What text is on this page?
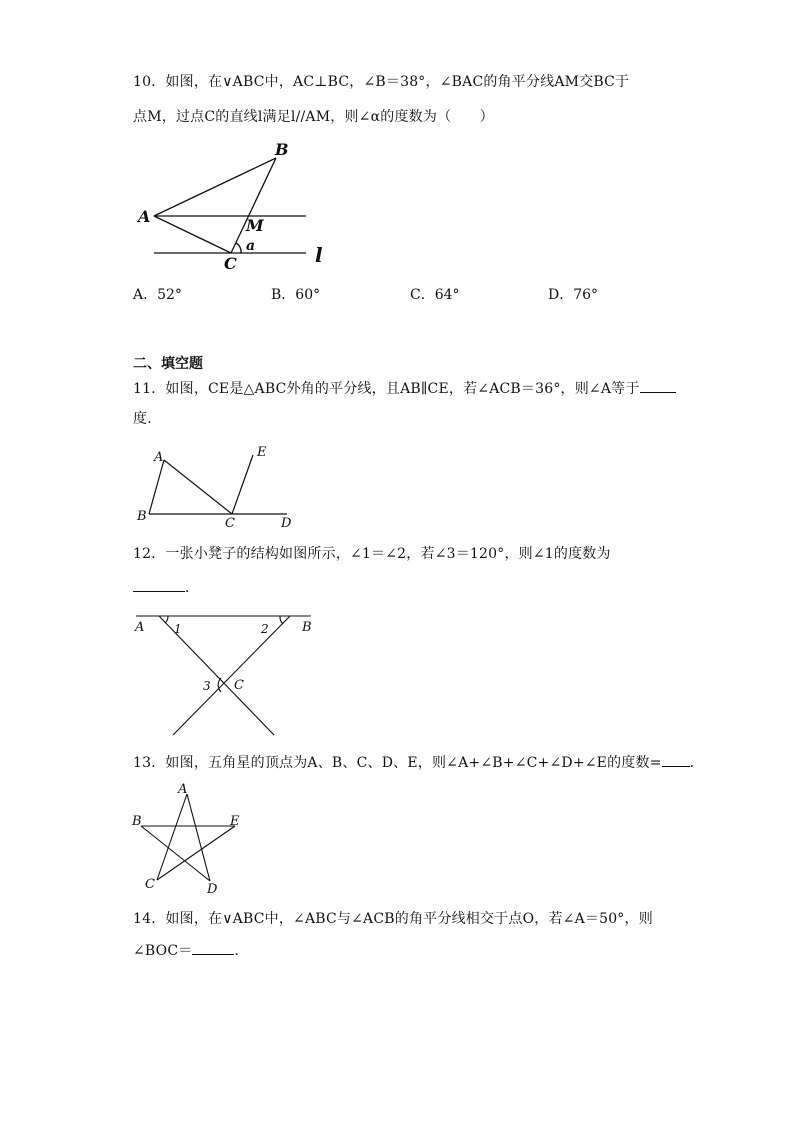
10．如图，在∨ABC中，AC⊥BC，∠B＝38°，∠BAC的角平分线AM交BC于
点M，过点C的直线l满足l//AM，则∠α的度数为（　　）
A
B
M
C
a	l
A．52°	B．60°	C．64°	D．76°
二、填空题
11．如图，CE是△ABC外角的平分线，且AB∥CE，若∠ACB＝36°，则∠A等于
度．
A	E
B	C	D
12．一张小凳子的结构如图所示，∠1＝∠2，若∠3＝120°，则∠1的度数为
．
A 1	2	B
3 C
13．如图，五角星的顶点为A、B、C、D、E，则∠A+∠B+∠C+∠D+∠E的度数= ．
A
B	E
C	D
14．如图，在∨ABC中，∠ABC与∠ACB的角平分线相交于点O，若∠A＝50°，则
∠BOC＝	．
